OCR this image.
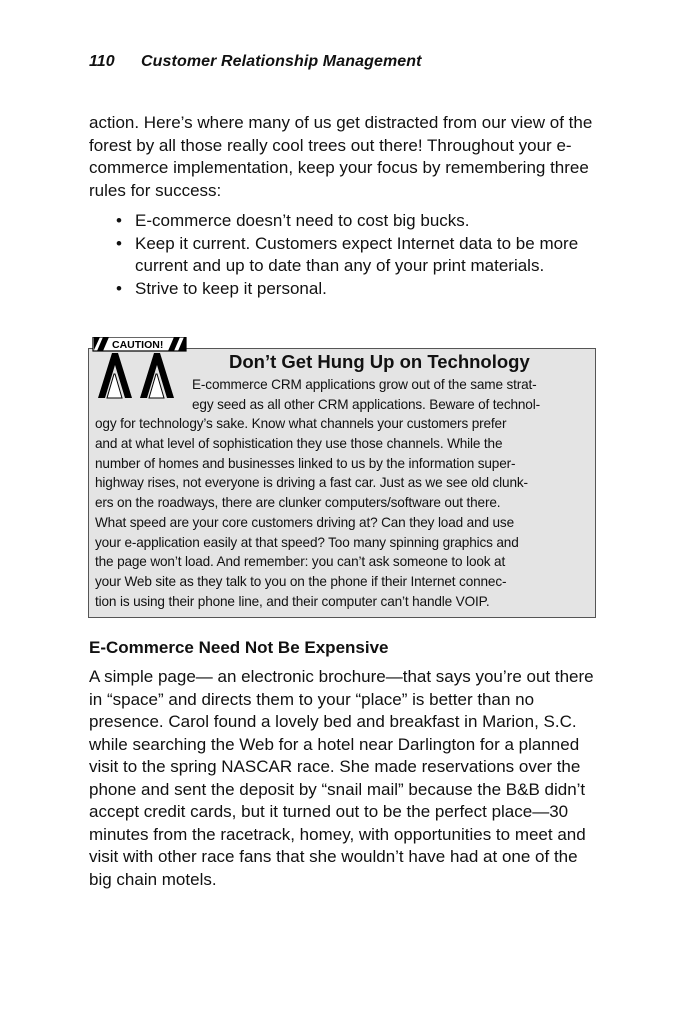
110 Customer Relationship Management

action. Here’s where many of us get distracted from our view of the forest by all those really cool trees out there! Throughout your e-commerce implementation, keep your focus by remembering three rules for success:

• E-commerce doesn’t need to cost big bucks.
• Keep it current. Customers expect Internet data to be more current and up to date than any of your print materials.
• Strive to keep it personal.
CAUTION!
Don’t Get Hung Up on Technology
E-commerce CRM applications grow out of the same strat-
egy seed as all other CRM applications. Beware of technol-
ogy for technology’s sake. Know what channels your customers prefer
and at what level of sophistication they use those channels. While the
number of homes and businesses linked to us by the information super-
highway rises, not everyone is driving a fast car. Just as we see old clunk-
ers on the roadways, there are clunker computers/software out there.
What speed are your core customers driving at? Can they load and use
your e-application easily at that speed? Too many spinning graphics and
the page won’t load. And remember: you can’t ask someone to look at
your Web site as they talk to you on the phone if their Internet connec-
tion is using their phone line, and their computer can’t handle VOIP.
E-Commerce Need Not Be Expensive

A simple page— an electronic brochure—that says you’re out there in “space” and directs them to your “place” is better than no presence. Carol found a lovely bed and breakfast in Marion, S.C. while searching the Web for a hotel near Darlington for a planned visit to the spring NASCAR race. She made reservations over the phone and sent the deposit by “snail mail” because the B&B didn’t accept credit cards, but it turned out to be the perfect place—30 minutes from the racetrack, homey, with opportunities to meet and visit with other race fans that she wouldn’t have had at one of the big chain motels.
